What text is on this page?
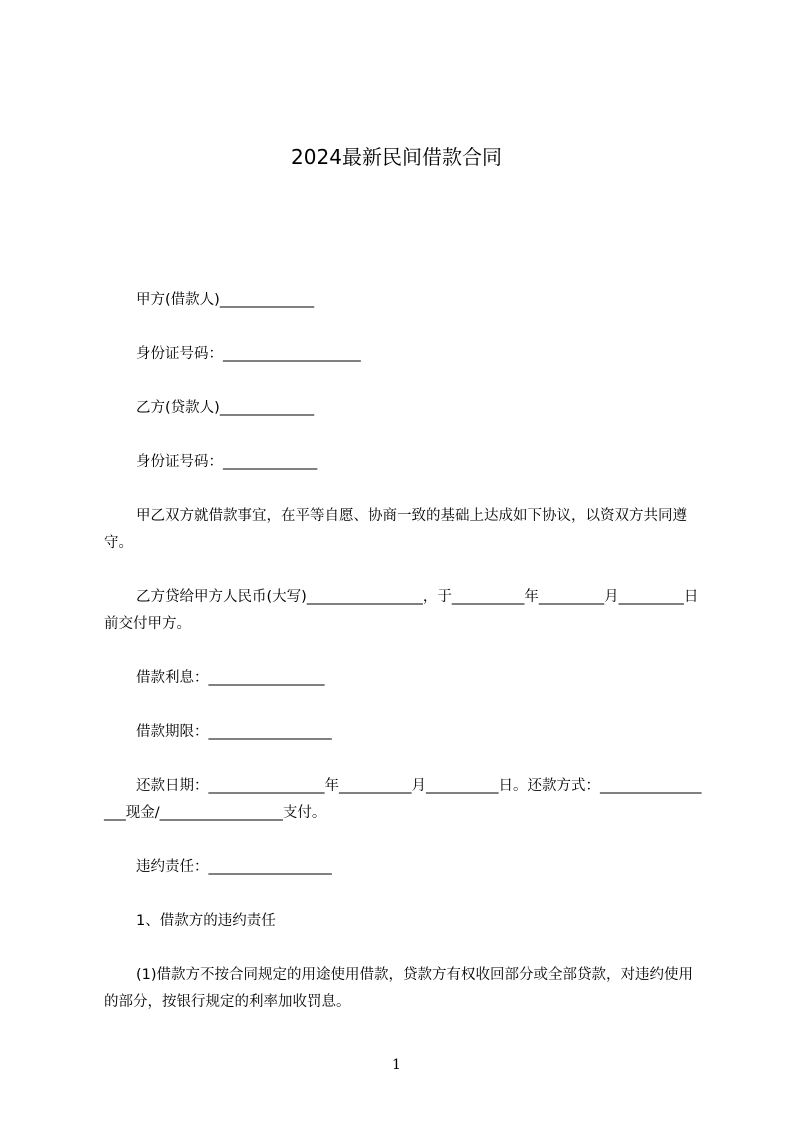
2024最新民间借款合同
甲方(借款人)_____________
身份证号码：___________________
乙方(贷款人)_____________
身份证号码：_____________
甲乙双方就借款事宜，在平等自愿、协商一致的基础上达成如下协议，以资双方共同遵守。
乙方贷给甲方人民币(大写)________________，于__________年_________月_________日前交付甲方。
借款利息：________________
借款期限：_________________
还款日期：________________年__________月__________日。还款方式：_________________现金/_________________支付。
违约责任：_________________
1、借款方的违约责任
(1)借款方不按合同规定的用途使用借款，贷款方有权收回部分或全部贷款，对违约使用的部分，按银行规定的利率加收罚息。
1
